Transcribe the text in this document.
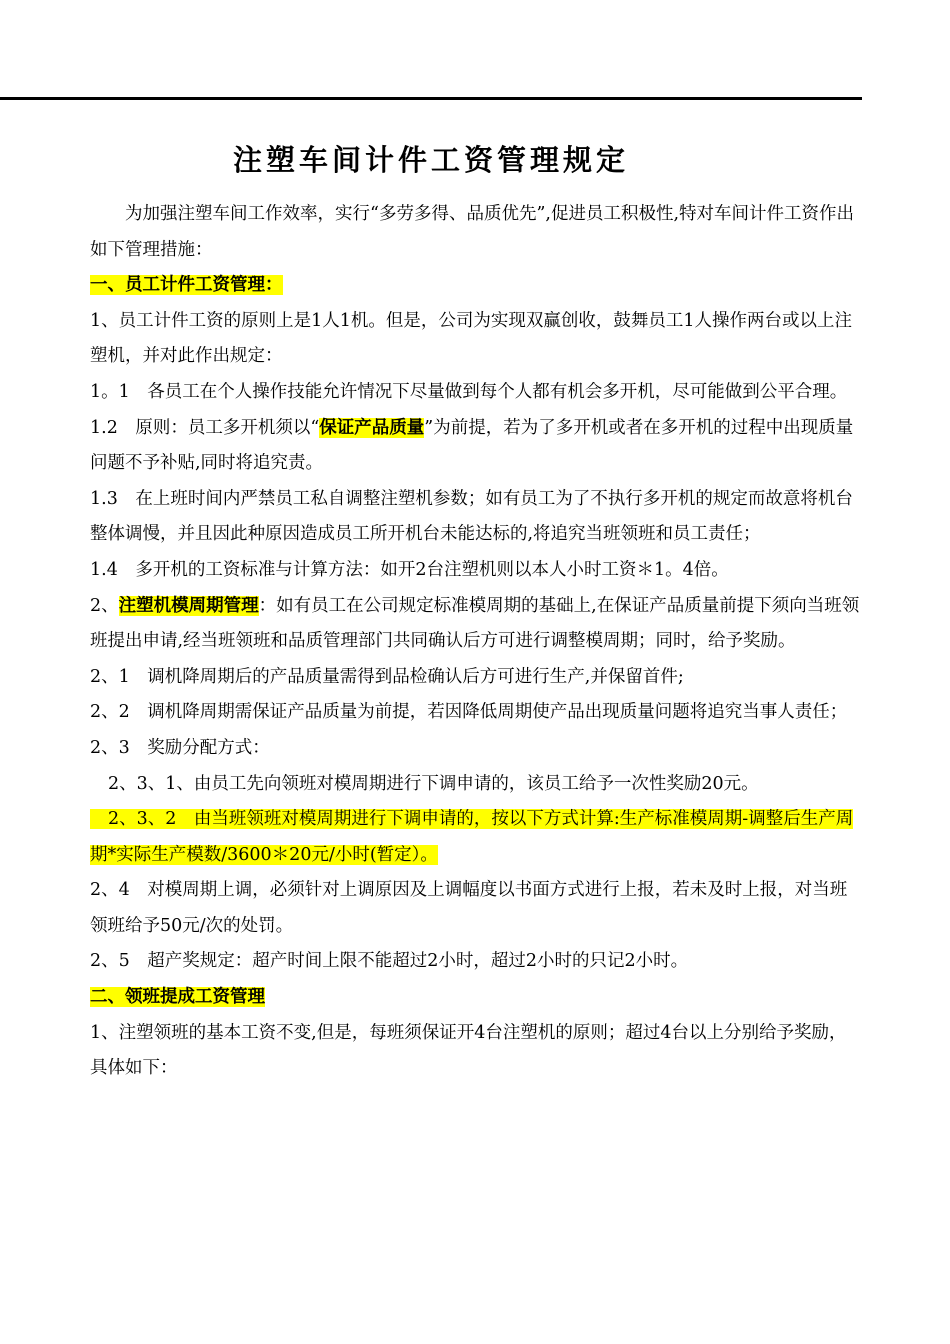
注塑车间计件工资管理规定

为加强注塑车间工作效率，实行“多劳多得、品质优先”,促进员工积极性,特对车间计件工资作出如下管理措施：

一、员工计件工资管理：

1、员工计件工资的原则上是1人1机。但是，公司为实现双赢创收，鼓舞员工1人操作两台或以上注塑机，并对此作出规定：

1。1　各员工在个人操作技能允许情况下尽量做到每个人都有机会多开机，尽可能做到公平合理。

1.2　原则：员工多开机须以“保证产品质量”为前提，若为了多开机或者在多开机的过程中出现质量问题不予补贴,同时将追究责。

1.3　在上班时间内严禁员工私自调整注塑机参数；如有员工为了不执行多开机的规定而故意将机台整体调慢，并且因此种原因造成员工所开机台未能达标的,将追究当班领班和员工责任；

1.4　多开机的工资标准与计算方法：如开2台注塑机则以本人小时工资＊1。4倍。

2、注塑机模周期管理：如有员工在公司规定标准模周期的基础上,在保证产品质量前提下须向当班领班提出申请,经当班领班和品质管理部门共同确认后方可进行调整模周期；同时，给予奖励。

2、1　调机降周期后的产品质量需得到品检确认后方可进行生产,并保留首件;

2、2　调机降周期需保证产品质量为前提，若因降低周期使产品出现质量问题将追究当事人责任；

2、3　奖励分配方式：

2、3、1、由员工先向领班对模周期进行下调申请的，该员工给予一次性奖励20元。

2、3、2　由当班领班对模周期进行下调申请的，按以下方式计算:生产标准模周期-调整后生产周期*实际生产模数/3600＊20元/小时(暂定）。

2、4　对模周期上调，必须针对上调原因及上调幅度以书面方式进行上报，若未及时上报，对当班领班给予50元/次的处罚。

2、5　超产奖规定：超产时间上限不能超过2小时，超过2小时的只记2小时。

二、领班提成工资管理

1、注塑领班的基本工资不变,但是，每班须保证开4台注塑机的原则；超过4台以上分别给予奖励，具体如下：
